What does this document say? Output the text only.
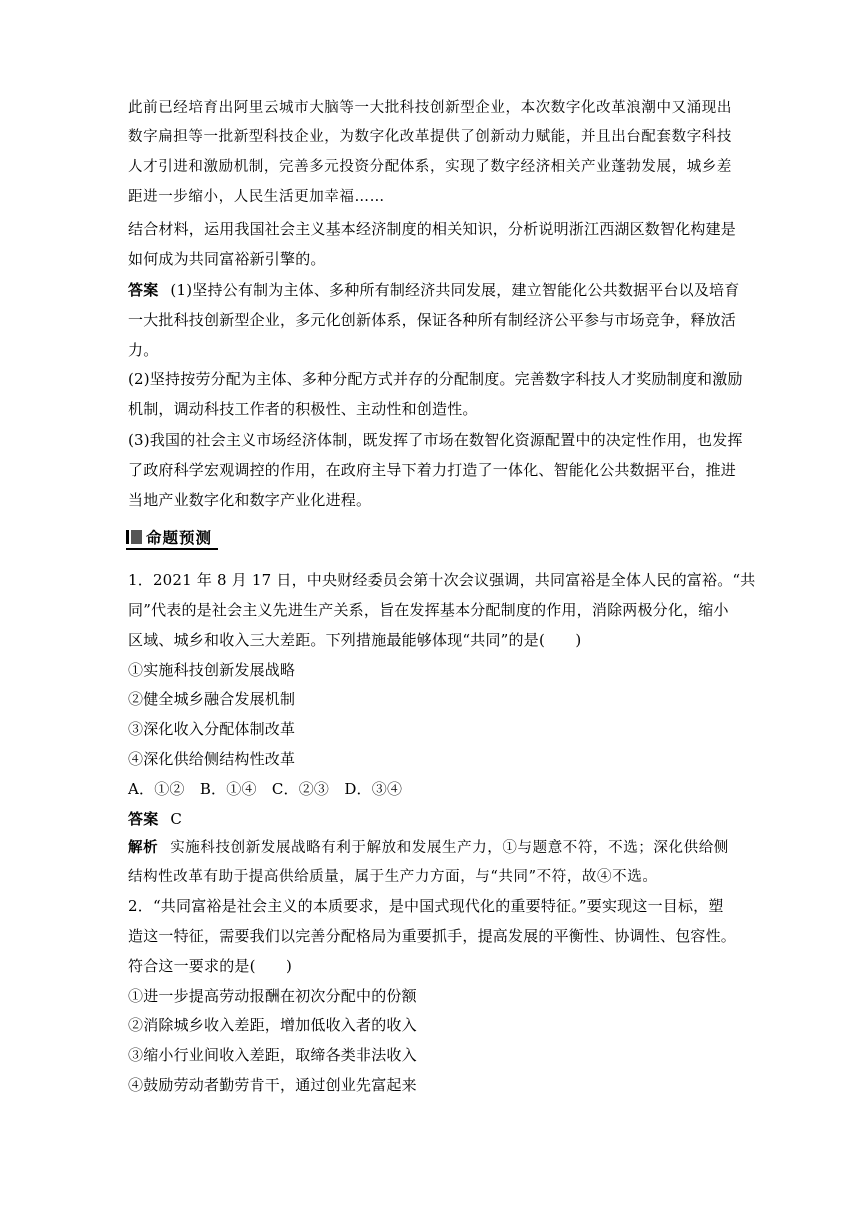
此前已经培育出阿里云城市大脑等一大批科技创新型企业，本次数字化改革浪潮中又涌现出
数字扁担等一批新型科技企业，为数字化改革提供了创新动力赋能，并且出台配套数字科技
人才引进和激励机制，完善多元投资分配体系，实现了数字经济相关产业蓬勃发展，城乡差
距进一步缩小，人民生活更加幸福……
结合材料，运用我国社会主义基本经济制度的相关知识，分析说明浙江西湖区数智化构建是
如何成为共同富裕新引擎的。
答案 (1)坚持公有制为主体、多种所有制经济共同发展，建立智能化公共数据平台以及培育
一大批科技创新型企业，多元化创新体系，保证各种所有制经济公平参与市场竞争，释放活
力。
(2)坚持按劳分配为主体、多种分配方式并存的分配制度。完善数字科技人才奖励制度和激励
机制，调动科技工作者的积极性、主动性和创造性。
(3)我国的社会主义市场经济体制，既发挥了市场在数智化资源配置中的决定性作用，也发挥
了政府科学宏观调控的作用，在政府主导下着力打造了一体化、智能化公共数据平台，推进
当地产业数字化和数字产业化进程。
命题预测
1．2021 年 8 月 17 日，中央财经委员会第十次会议强调，共同富裕是全体人民的富裕。“共
同”代表的是社会主义先进生产关系，旨在发挥基本分配制度的作用，消除两极分化，缩小
区域、城乡和收入三大差距。下列措施最能够体现“共同”的是(　　)
①实施科技创新发展战略
②健全城乡融合发展机制
③深化收入分配体制改革
④深化供给侧结构性改革
A．①②　B．①④　C．②③　D．③④
答案 C
解析 实施科技创新发展战略有利于解放和发展生产力，①与题意不符，不选；深化供给侧
结构性改革有助于提高供给质量，属于生产力方面，与“共同”不符，故④不选。
2．“共同富裕是社会主义的本质要求，是中国式现代化的重要特征。”要实现这一目标，塑
造这一特征，需要我们以完善分配格局为重要抓手，提高发展的平衡性、协调性、包容性。
符合这一要求的是(　　)
①进一步提高劳动报酬在初次分配中的份额
②消除城乡收入差距，增加低收入者的收入
③缩小行业间收入差距，取缔各类非法收入
④鼓励劳动者勤劳肯干，通过创业先富起来
